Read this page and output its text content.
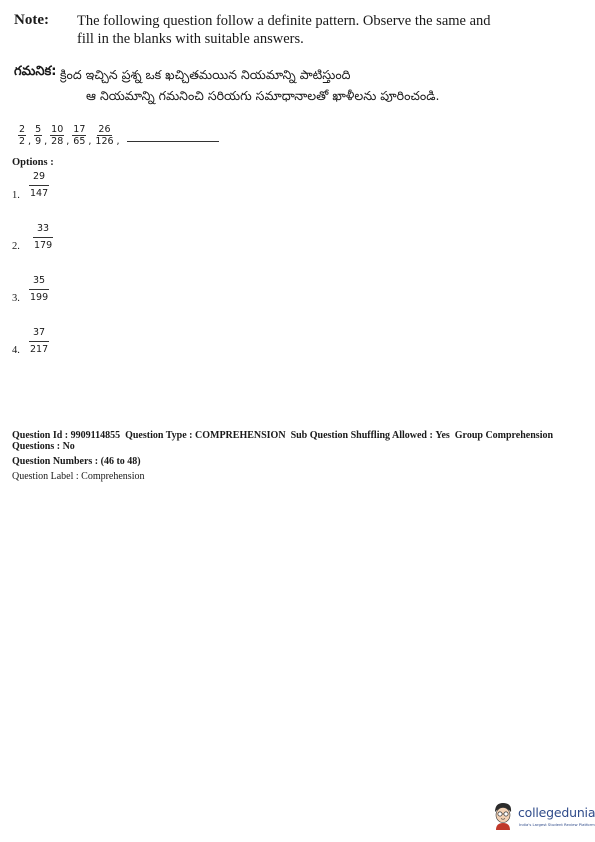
Note: The following question follow a definite pattern. Observe the same and
fill in the blanks with suitable answers.
గమనిక: క్రింద ఇచ్చిన ప్రశ్న ఒక ఖచ్చితమయిన నియమాన్ని పాటిస్తుంది
ఆ నియమాన్ని గమనించి సరియగు సమాధానాలతో ఖాళీలను పూరించండి.
$\frac{2}{2}$ , $\frac{5}{9}$ , $\frac{10}{28}$ , $\frac{17}{65}$ , $\frac{26}{126}$ ,
Options :
1.
29
147
2.
33
179
3.
35
199
4.
37
217
Question Id : 9909114855 Question Type : COMPREHENSION Sub Question Shuffling Allowed : Yes Group Comprehension
Questions : No
Question Numbers : (46 to 48)
Question Label : Comprehension
collegedunia
India's Largest Student Review Platform
